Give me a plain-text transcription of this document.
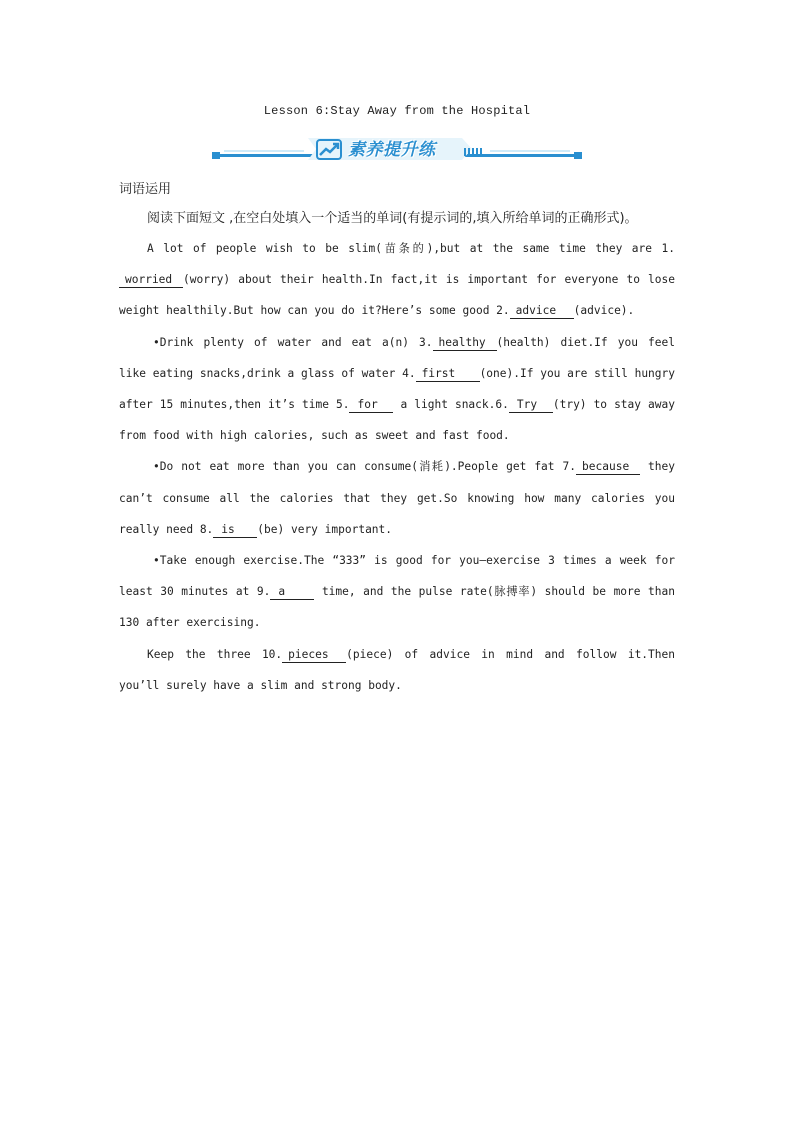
Lesson 6:Stay Away from the Hospital
素养提升练
词语运用
阅读下面短文 ,在空白处填入一个适当的单词(有提示词的,填入所给单词的正确形式)。

A lot of people wish to be slim(苗条的),but at the same time they are 1.worried (worry) about their health.In fact,it is important for everyone to lose weight healthily.But how can you do it?Here’s some good 2. advice (advice).

•Drink plenty of water and eat a(n) 3. healthy (health) diet.If you feel like eating snacks,drink a glass of water 4. first (one).If you are still hungry after 15 minutes,then it’s time 5. for a light snack.6. Try (try) to stay away from food with high calories, such as sweet and fast food.

•Do not eat more than you can consume(消耗).People get fat 7. because they can’t consume all the calories that they get.So knowing how many calories you really need 8. is (be) very important.

•Take enough exercise.The “333” is good for you—exercise 3 times a week for least 30 minutes at 9. a	time, and the pulse rate(脉搏率) should be more than 130 after exercising.

Keep the three 10. pieces (piece) of advice in mind and follow it.Then you’ll surely have a slim and strong body.
